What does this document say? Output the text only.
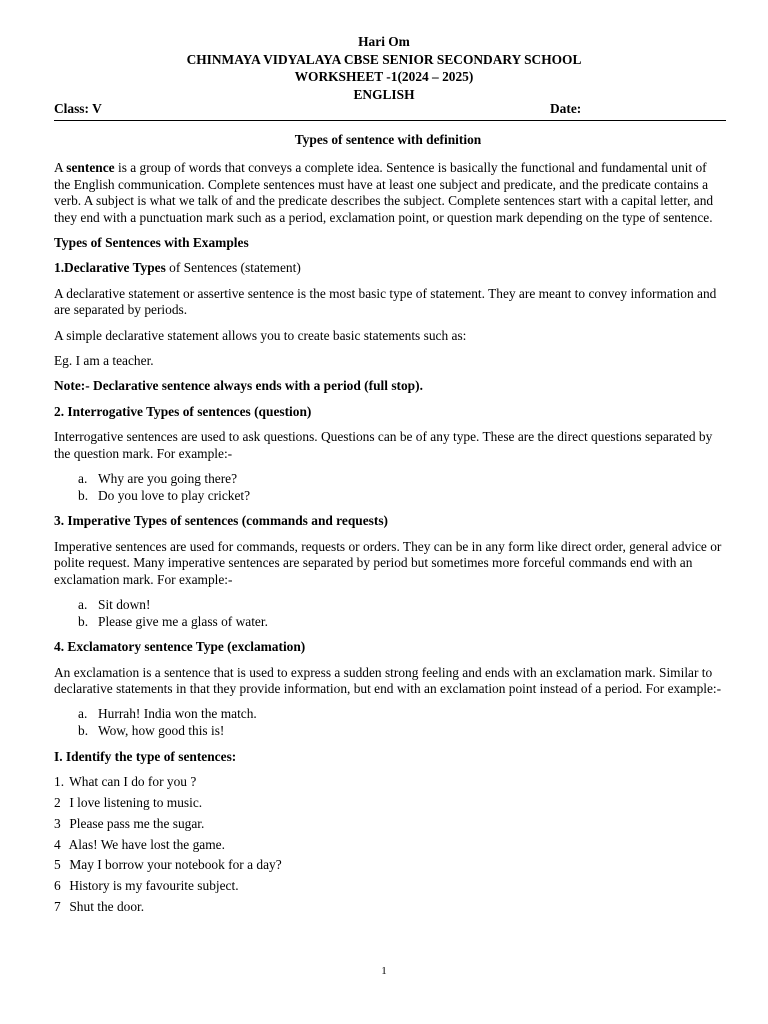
Hari Om
CHINMAYA VIDYALAYA CBSE SENIOR SECONDARY SCHOOL
WORKSHEET -1(2024 – 2025)
ENGLISH
Class: V	Date:

Types of sentence with definition

A sentence is a group of words that conveys a complete idea. Sentence is basically the functional and fundamental unit of the English communication. Complete sentences must have at least one subject and predicate, and the predicate contains a verb. A subject is what we talk of and the predicate describes the subject. Complete sentences start with a capital letter, and they end with a punctuation mark such as a period, exclamation point, or question mark depending on the type of sentence.

Types of Sentences with Examples

1.Declarative Types of Sentences (statement)

A declarative statement or assertive sentence is the most basic type of statement. They are meant to convey information and are separated by periods.

A simple declarative statement allows you to create basic statements such as:

Eg. I am a teacher.

Note:- Declarative sentence always ends with a period (full stop).

2. Interrogative Types of sentences (question)

Interrogative sentences are used to ask questions. Questions can be of any type. These are the direct questions separated by the question mark. For example:-

a. Why are you going there?
b. Do you love to play cricket?

3. Imperative Types of sentences (commands and requests)

Imperative sentences are used for commands, requests or orders. They can be in any form like direct order, general advice or polite request. Many imperative sentences are separated by period but sometimes more forceful commands end with an exclamation mark. For example:-

a. Sit down!
b. Please give me a glass of water.

4. Exclamatory sentence Type (exclamation)

An exclamation is a sentence that is used to express a sudden strong feeling and ends with an exclamation mark. Similar to declarative statements in that they provide information, but end with an exclamation point instead of a period. For example:-

a. Hurrah! India won the match.
b. Wow, how good this is!

I. Identify the type of sentences:

1. What can I do for you ?
2 I love listening to music.
3 Please pass me the sugar.
4 Alas! We have lost the game.
5 May I borrow your notebook for a day?
6 History is my favourite subject.
7 Shut the door.
1
